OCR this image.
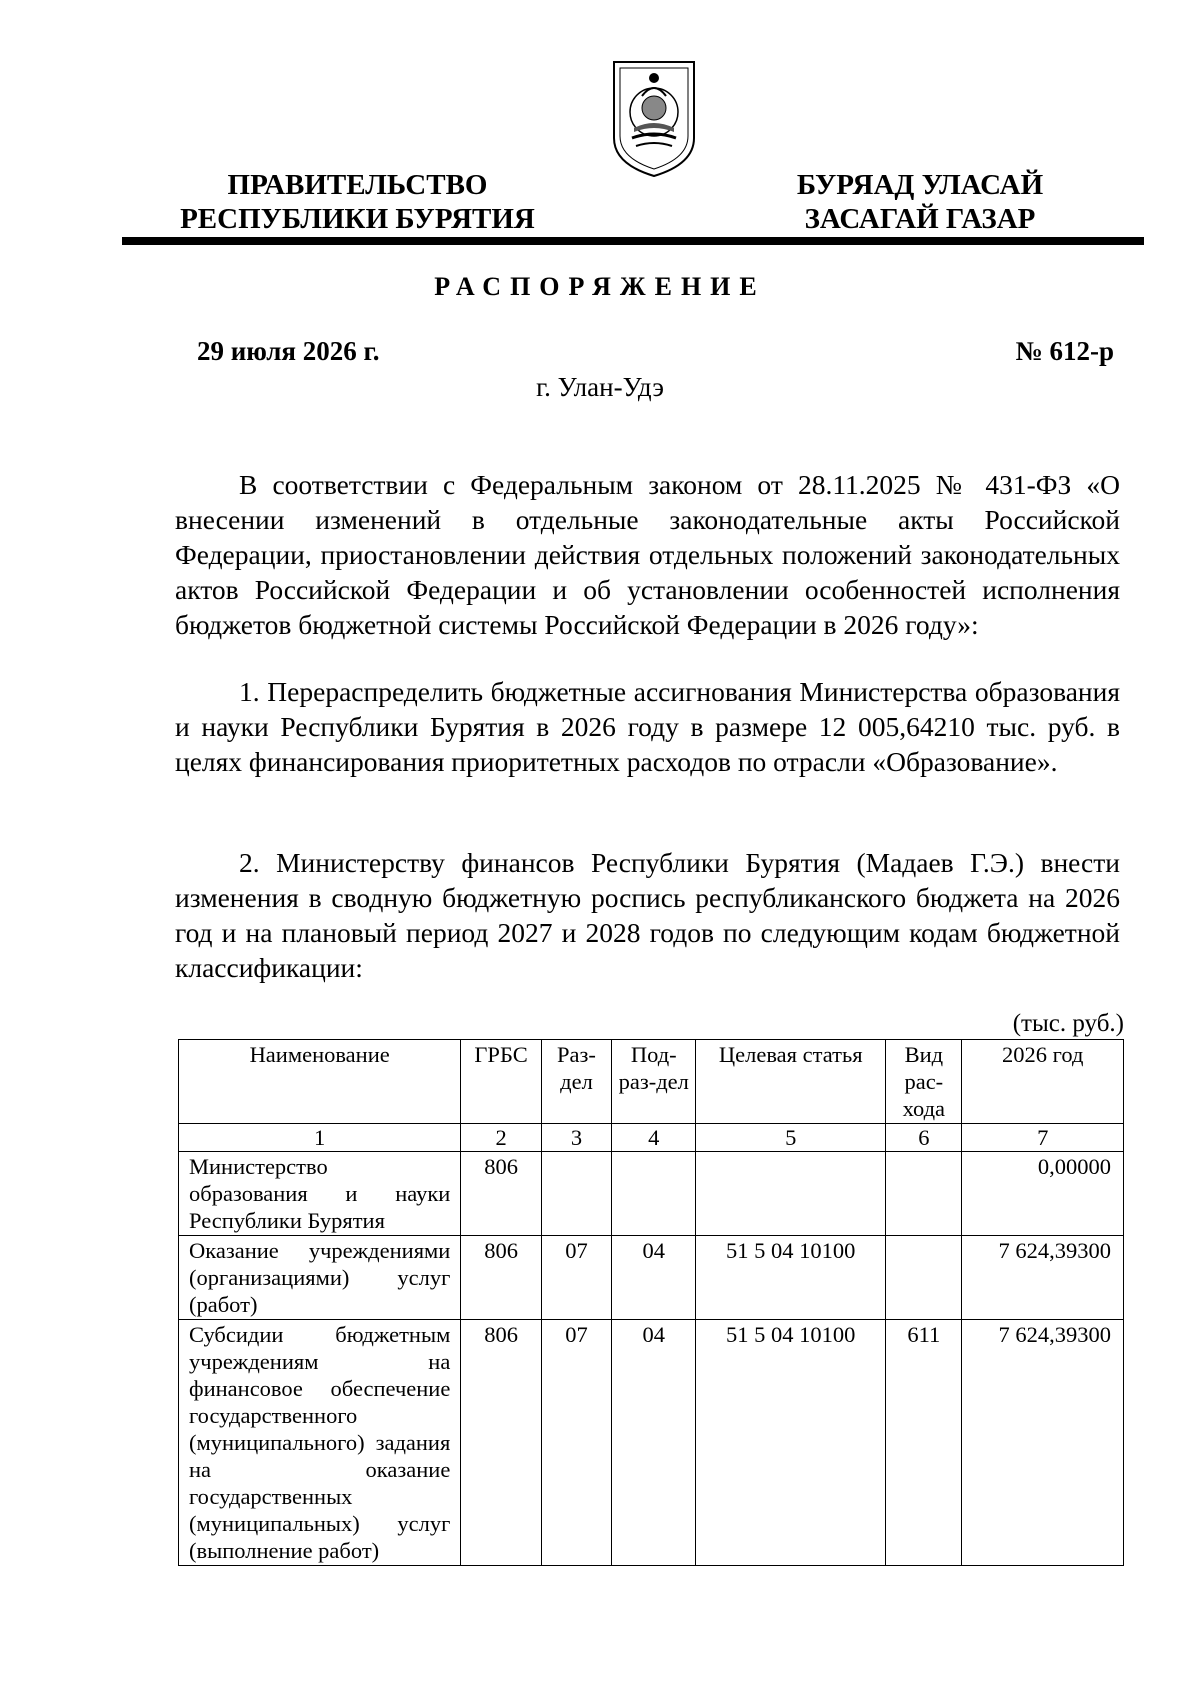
ПРАВИТЕЛЬСТВО
РЕСПУБЛИКИ БУРЯТИЯ
БУРЯАД УЛАСАЙ
ЗАСАГАЙ ГАЗАР
РАСПОРЯЖЕНИЕ
29 июля 2026 г.	№ 612-р
г. Улан-Удэ

В соответствии с Федеральным законом от 28.11.2025 № 431-ФЗ «О внесении изменений в отдельные законодательные акты Российской Федерации, приостановлении действия отдельных положений законодательных актов Российской Федерации и об установлении особенностей исполнения бюджетов бюджетной системы Российской Федерации в 2026 году»:

1. Перераспределить бюджетные ассигнования Министерства образования и науки Республики Бурятия в 2026 году в размере 12 005,64210 тыс. руб. в целях финансирования приоритетных расходов по отрасли «Образование».

2. Министерству финансов Республики Бурятия (Мадаев Г.Э.) внести изменения в сводную бюджетную роспись республиканского бюджета на 2026 год и на плановый период 2027 и 2028 годов по следующим кодам бюджетной классификации:

(тыс. руб.)
Наименование	ГРБС	Раз-дел	Под-раз-дел	Целевая статья	Вид рас-хода	2026 год
1	2	3	4	5	6	7
Министерство образования и науки Республики Бурятия	806					0,00000
Оказание учреждениями (организациями) услуг (работ)	806	07	04	51 5 04 10100		7 624,39300
Субсидии бюджетным учреждениям на финансовое обеспечение государственного (муниципального) задания на оказание государственных (муниципальных) услуг (выполнение работ)	806	07	04	51 5 04 10100	611	7 624,39300
